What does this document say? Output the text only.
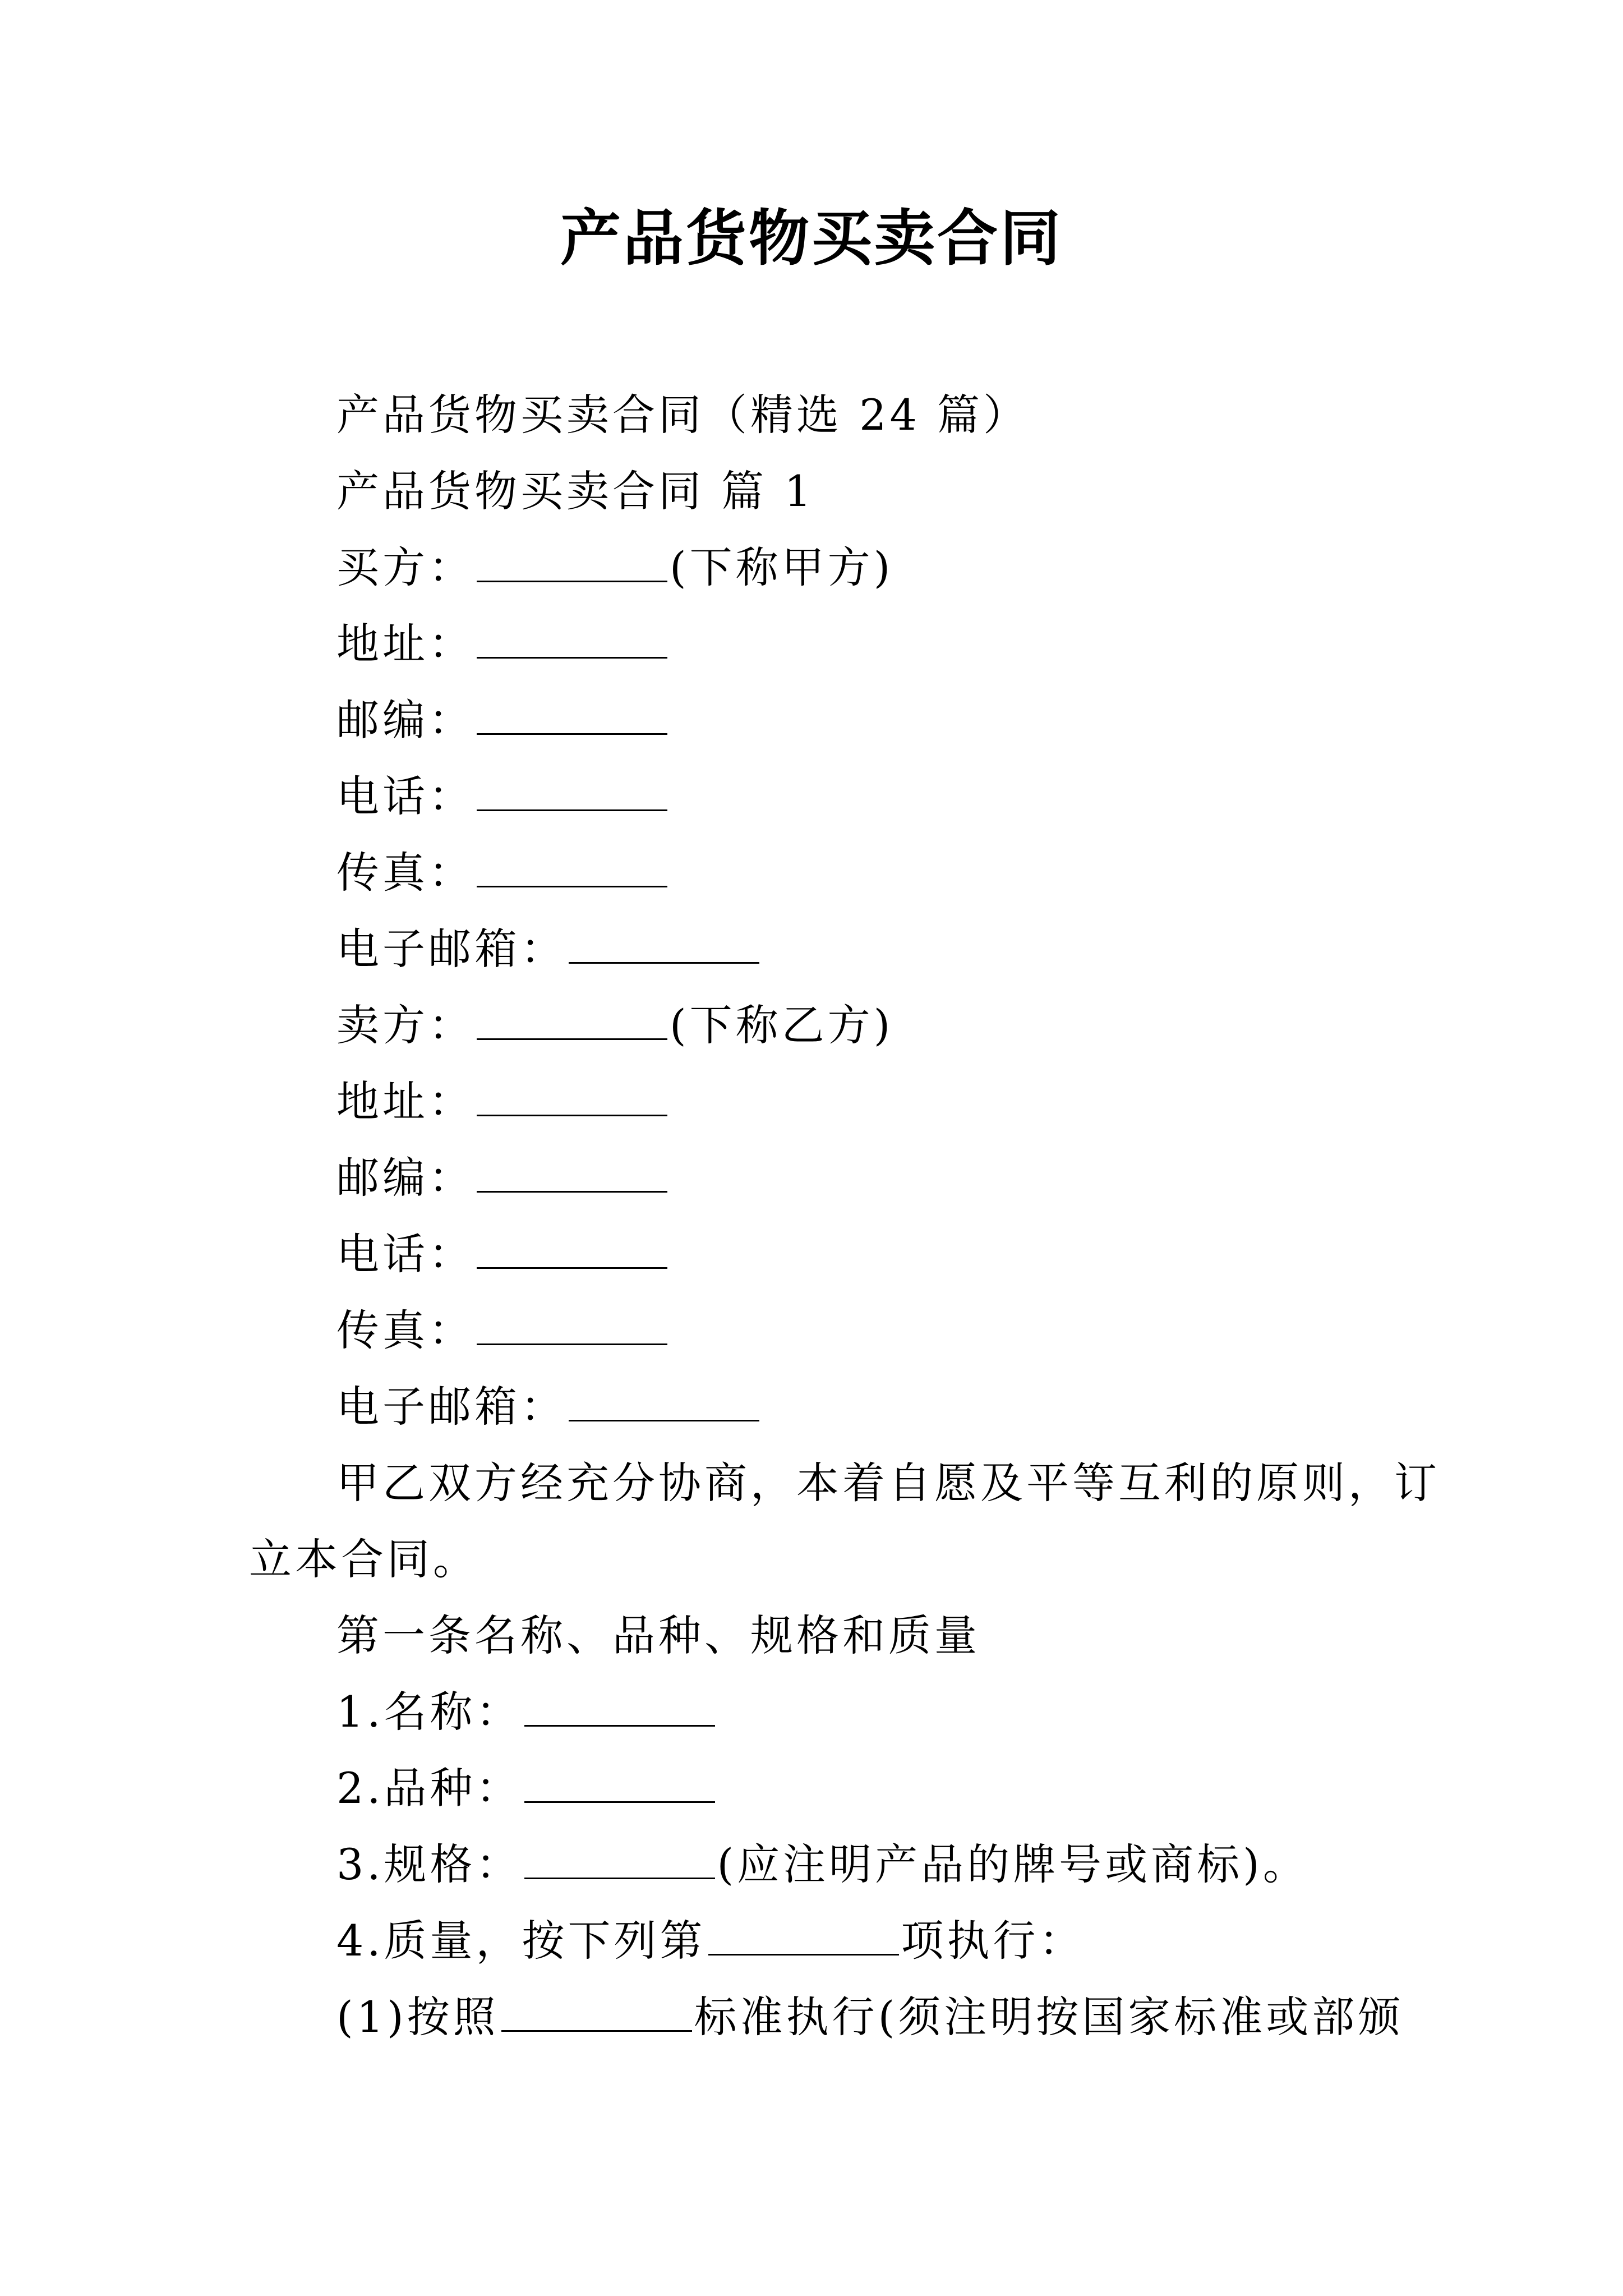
产品货物买卖合同
产品货物买卖合同（精选 24 篇）
产品货物买卖合同 篇 1
买方：	(下称甲方)
地址：
邮编：
电话：
传真：
电子邮箱：
卖方：	(下称乙方)
地址：
邮编：
电话：
传真：
电子邮箱：
甲乙双方经充分协商，本着自愿及平等互利的原则，订
立本合同。
第一条名称、品种、规格和质量
1.名称：
2.品种：
3.规格：	(应注明产品的牌号或商标)。
4.质量，按下列第	项执行：
(1)按照	标准执行(须注明按国家标准或部颁
